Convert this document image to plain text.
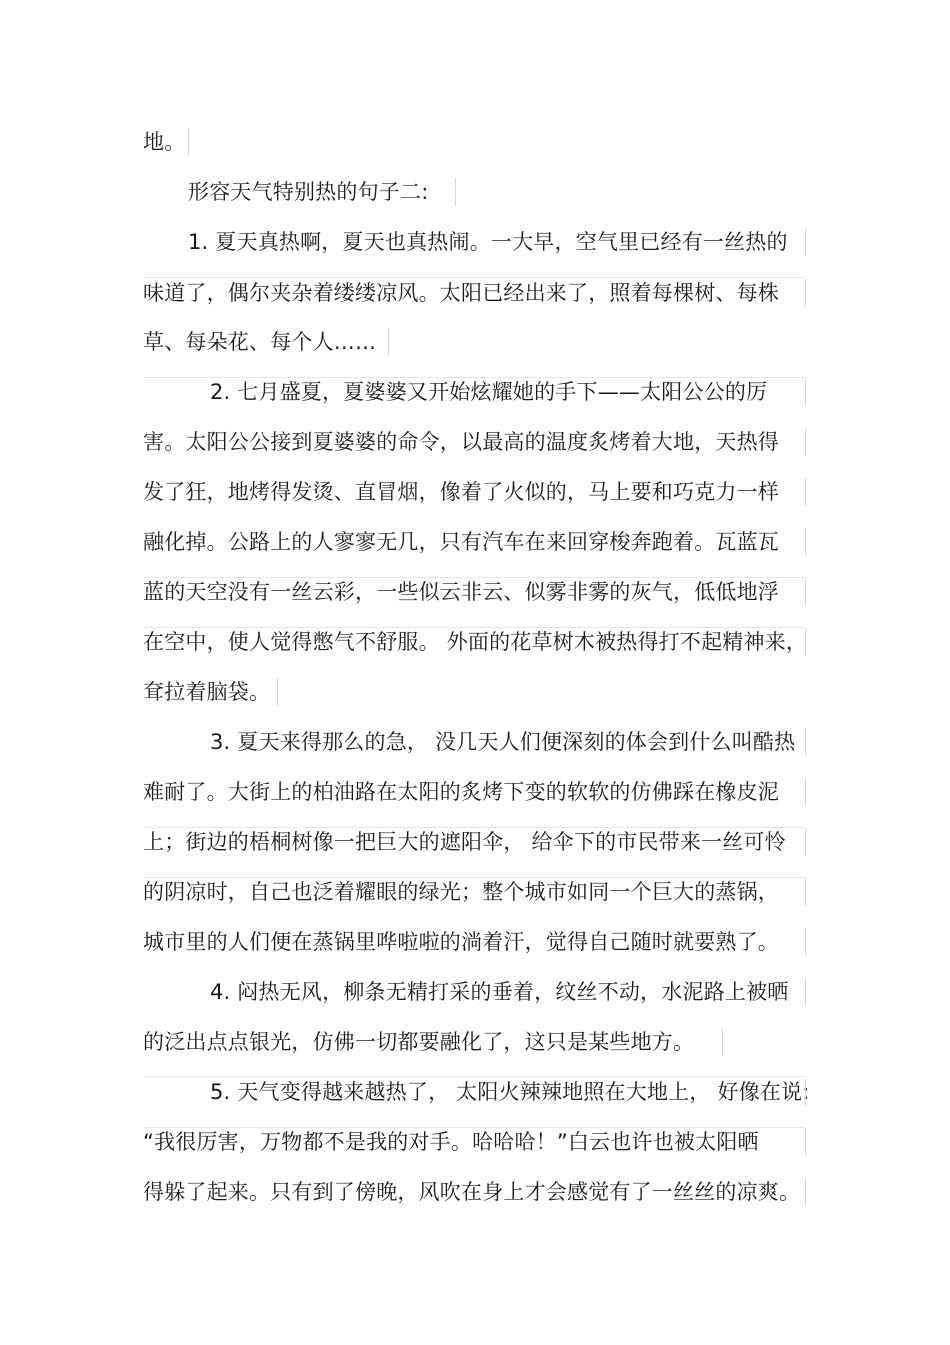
地。
形容天气特别热的句子二:
1. 夏天真热啊，夏天也真热闹。一大早，空气里已经有一丝热的
味道了，偶尔夹杂着缕缕凉风。太阳已经出来了，照着每棵树、每株
草、每朵花、每个人……
2. 七月盛夏，夏婆婆又开始炫耀她的手下——太阳公公的厉
害。太阳公公接到夏婆婆的命令，以最高的温度炙烤着大地，天热得
发了狂，地烤得发烫、直冒烟，像着了火似的，马上要和巧克力一样
融化掉。公路上的人寥寥无几，只有汽车在来回穿梭奔跑着。瓦蓝瓦
蓝的天空没有一丝云彩，一些似云非云、似雾非雾的灰气，低低地浮
在空中，使人觉得憋气不舒服。 外面的花草树木被热得打不起精神来，
耷拉着脑袋。
3. 夏天来得那么的急， 没几天人们便深刻的体会到什么叫酷热
难耐了。大街上的柏油路在太阳的炙烤下变的软软的仿佛踩在橡皮泥
上；街边的梧桐树像一把巨大的遮阳伞， 给伞下的市民带来一丝可怜
的阴凉时，自己也泛着耀眼的绿光；整个城市如同一个巨大的蒸锅，
城市里的人们便在蒸锅里哗啦啦的淌着汗，觉得自己随时就要熟了。
4. 闷热无风，柳条无精打采的垂着，纹丝不动，水泥路上被晒
的泛出点点银光，仿佛一切都要融化了，这只是某些地方。
5. 天气变得越来越热了， 太阳火辣辣地照在大地上， 好像在说:
“我很厉害，万物都不是我的对手。哈哈哈！”白云也许也被太阳晒
得躲了起来。只有到了傍晚，风吹在身上才会感觉有了一丝丝的凉爽。
